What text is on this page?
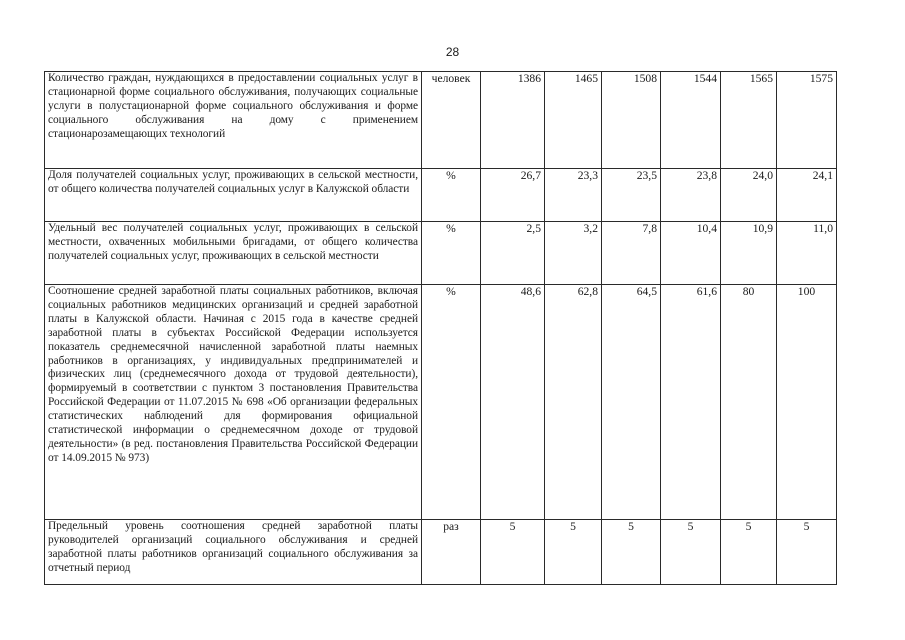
28
Количество граждан, нуждающихся в предоставлении социальных услуг в стационарной форме социального обслуживания, получающих социальные услуги в полустационарной форме социального обслуживания и форме социального обслуживания на дому с применением стационарозамещающих технологий	человек	1386	1465	1508	1544	1565	1575
Доля получателей социальных услуг, проживающих в сельской местности, от общего количества получателей социальных услуг в Калужской области	%	26,7	23,3	23,5	23,8	24,0	24,1
Удельный вес получателей социальных услуг, проживающих в сельской местности, охваченных мобильными бригадами, от общего количества получателей социальных услуг, проживающих в сельской местности	%	2,5	3,2	7,8	10,4	10,9	11,0
Соотношение средней заработной платы социальных работников, включая социальных работников медицинских организаций и средней заработной платы в Калужской области. Начиная с 2015 года в качестве средней заработной платы в субъектах Российской Федерации используется показатель среднемесячной начисленной заработной платы наемных работников в организациях, у индивидуальных предпринимателей и физических лиц (среднемесячного дохода от трудовой деятельности), формируемый в соответствии с пунктом 3 постановления Правительства Российской Федерации от 11.07.2015 № 698 «Об организации федеральных статистических наблюдений для формирования официальной статистической информации о среднемесячном доходе от трудовой деятельности» (в ред. постановления Правительства Российской Федерации от 14.09.2015 № 973)	%	48,6	62,8	64,5	61,6	80	100
Предельный уровень соотношения средней заработной платы руководителей организаций социального обслуживания и средней заработной платы работников организаций социального обслуживания за отчетный период	раз	5	5	5	5	5	5
